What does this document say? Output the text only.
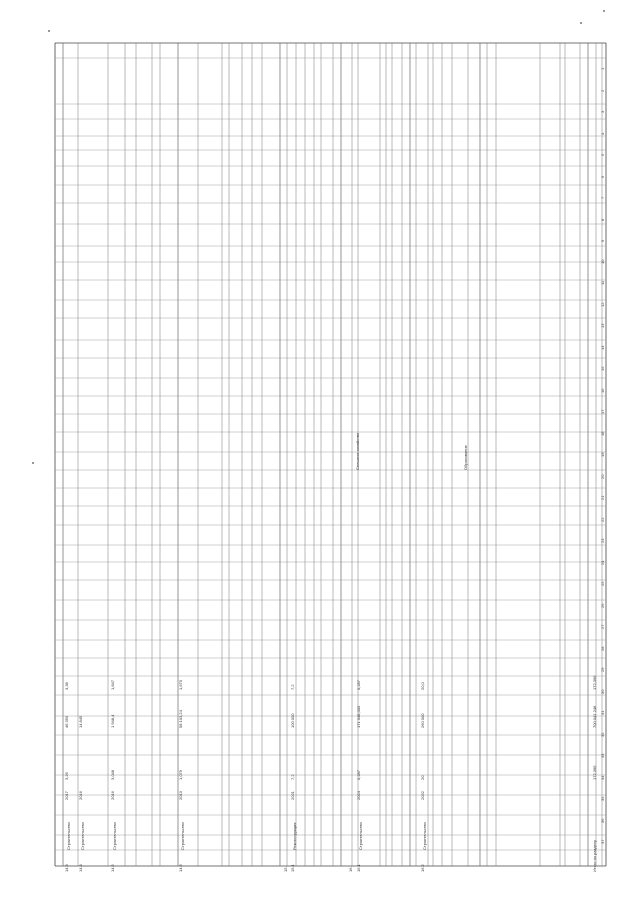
1
2
3
4
5
6
7
8
9
10
11
12
13
14
15
16
17
18
19
20
21
22
23
24
25
26
27
28
29
30
31
32
33
34
35
36
37
14.3
Строительство
2017
3,26
46 350
3,38
14.4
Строительство
2016
14 845
14.5
Строительство
2016
3,048
1 948,4
1,847
14.6
Строительство
2013
1,079
58 103,24
1,670
15. 15.1
Реконструкция
2021
7,2
100 000
7,2
16. 16.1
Строительство
2024
0,287
171 048,000
0,287
16.2
Строительство
2022
20
260 000
20,0
Сельское хозяйство	Образование
Итого по разделу
172,396
700 041 246
172,396
